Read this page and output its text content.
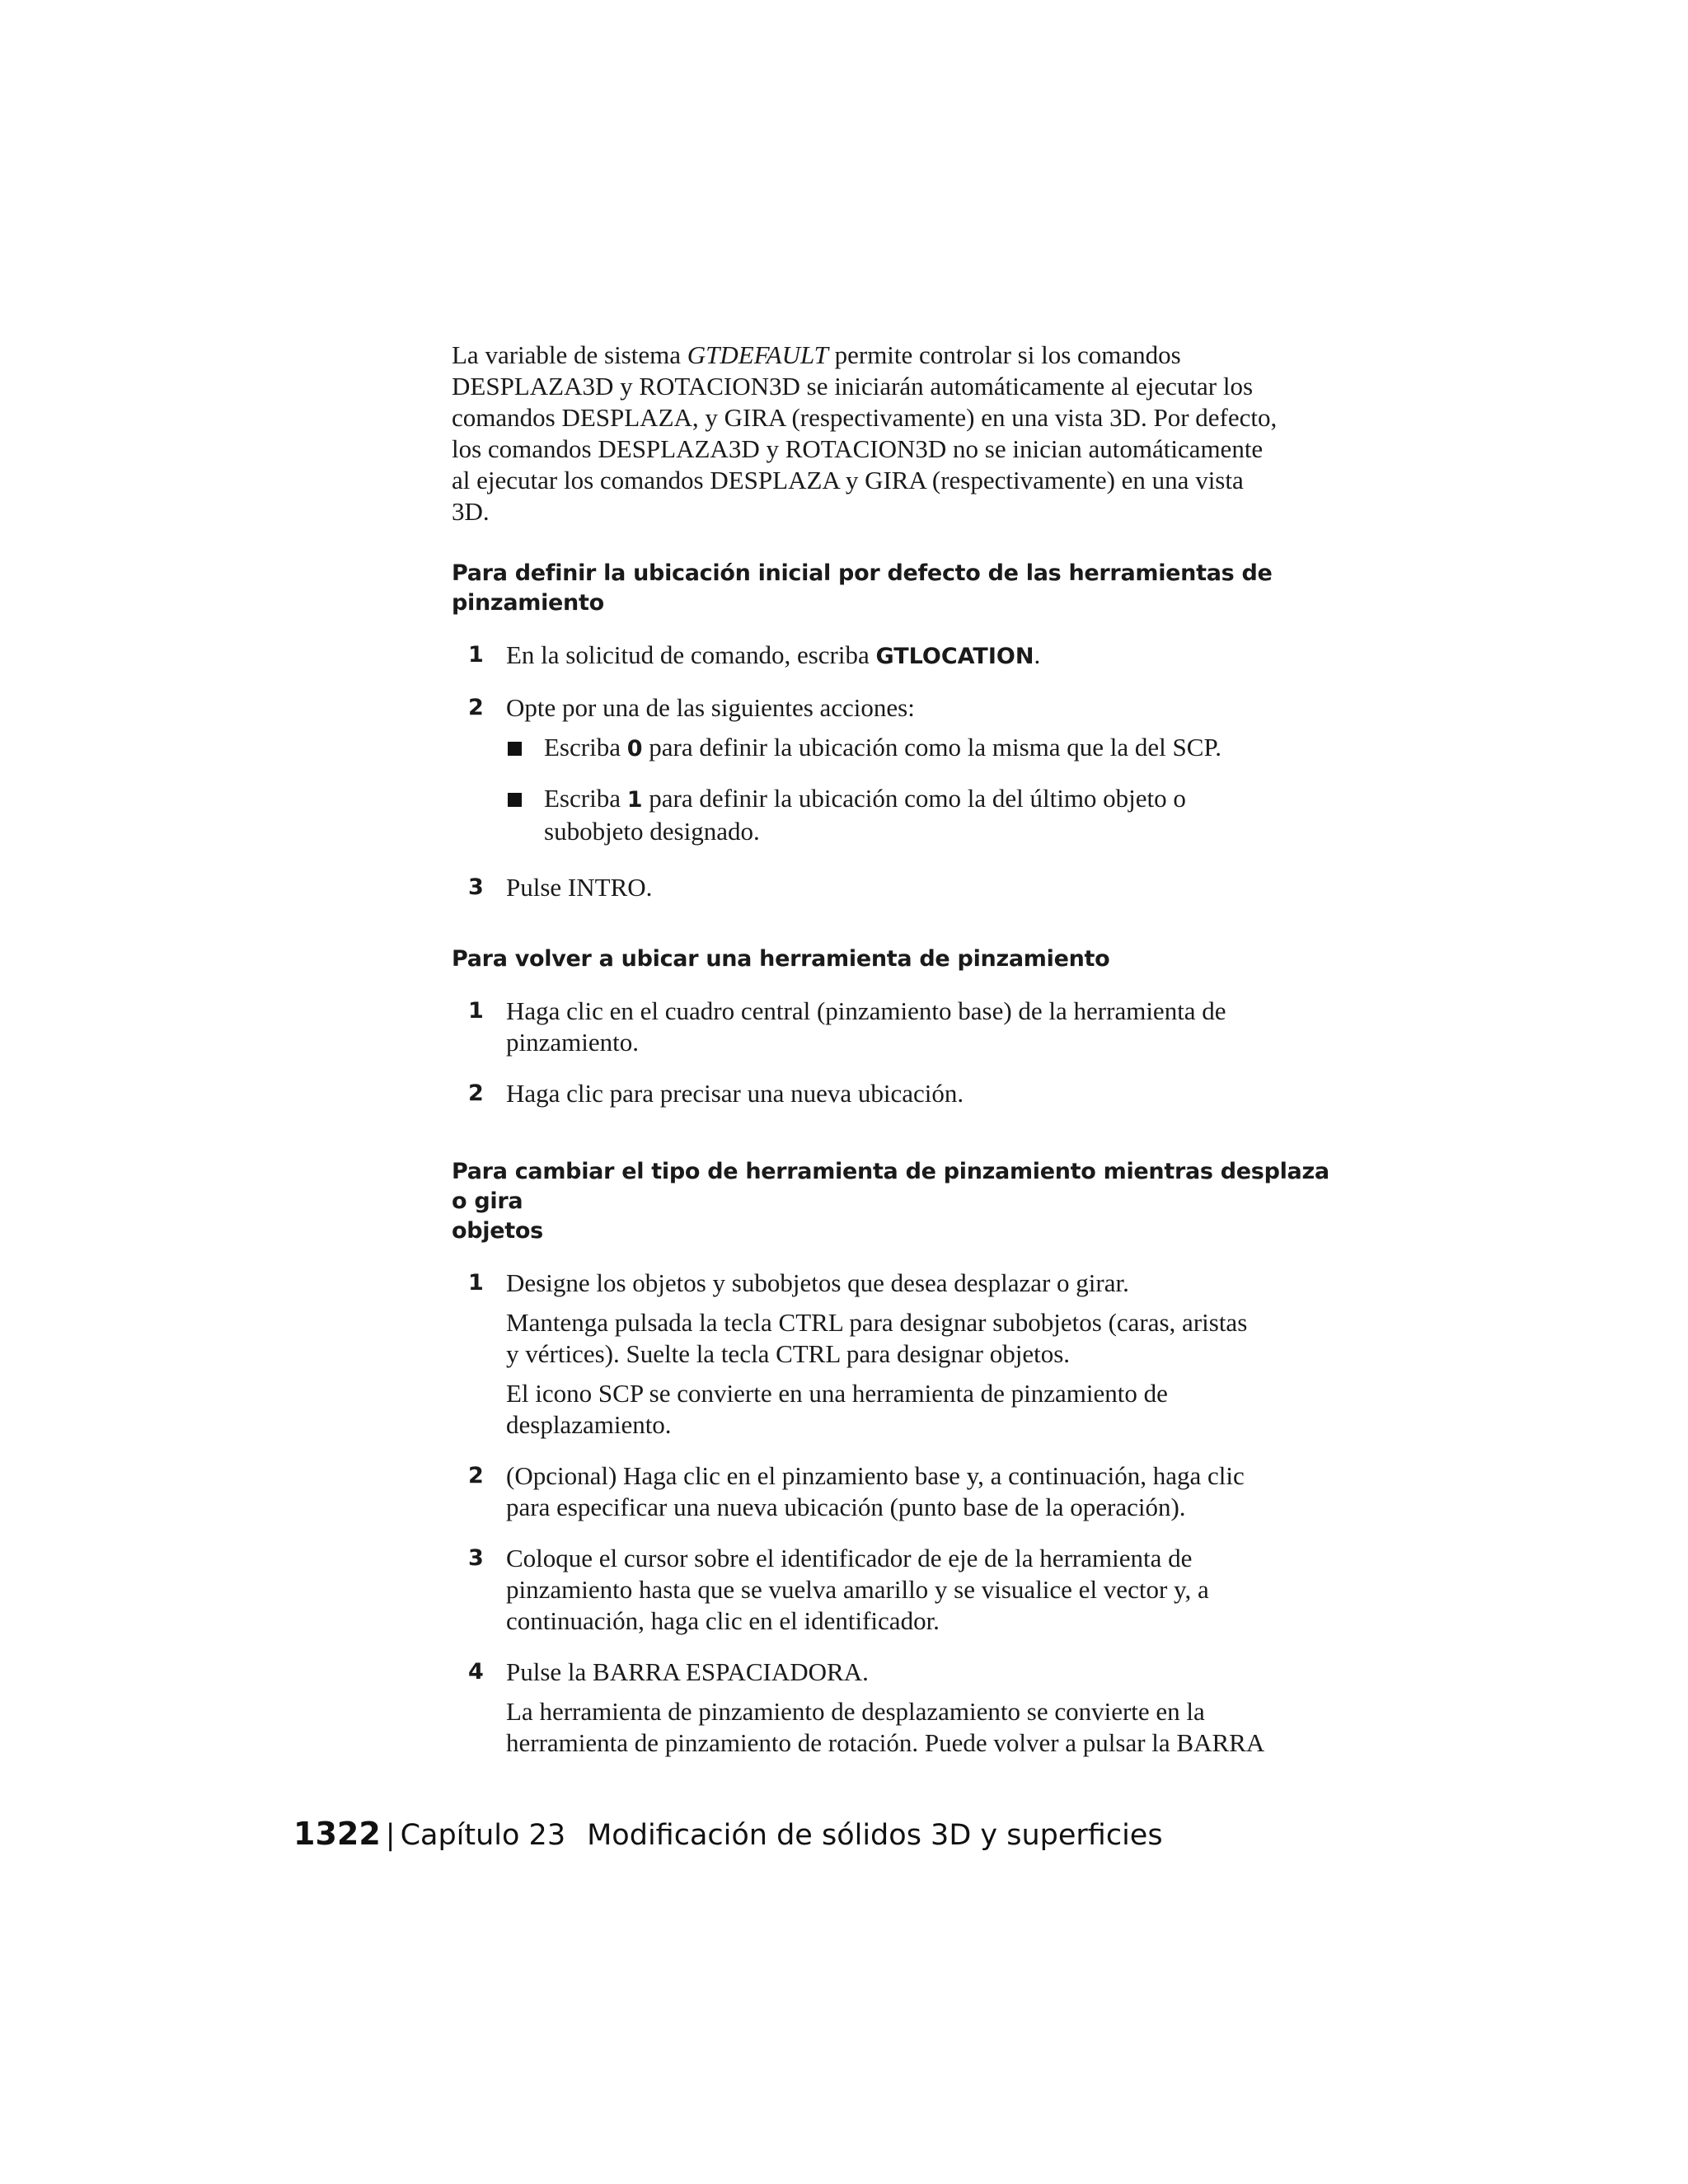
La variable de sistema GTDEFAULT permite controlar si los comandos
DESPLAZA3D y ROTACION3D se iniciarán automáticamente al ejecutar los
comandos DESPLAZA, y GIRA (respectivamente) en una vista 3D. Por defecto,
los comandos DESPLAZA3D y ROTACION3D no se inician automáticamente
al ejecutar los comandos DESPLAZA y GIRA (respectivamente) en una vista
3D.

Para definir la ubicación inicial por defecto de las herramientas de pinzamiento
1 En la solicitud de comando, escriba GTLOCATION.
2 Opte por una de las siguientes acciones:
Escriba 0 para definir la ubicación como la misma que la del SCP.
Escriba 1 para definir la ubicación como la del último objeto o
subobjeto designado.
3 Pulse INTRO.
Para volver a ubicar una herramienta de pinzamiento
1 Haga clic en el cuadro central (pinzamiento base) de la herramienta de
pinzamiento.
2 Haga clic para precisar una nueva ubicación.
Para cambiar el tipo de herramienta de pinzamiento mientras desplaza o gira
objetos
1 Designe los objetos y subobjetos que desea desplazar o girar.

Mantenga pulsada la tecla CTRL para designar subobjetos (caras, aristas
y vértices). Suelte la tecla CTRL para designar objetos.

El icono SCP se convierte en una herramienta de pinzamiento de
desplazamiento.

2 (Opcional) Haga clic en el pinzamiento base y, a continuación, haga clic
para especificar una nueva ubicación (punto base de la operación).
3 Coloque el cursor sobre el identificador de eje de la herramienta de
pinzamiento hasta que se vuelva amarillo y se visualice el vector y, a
continuación, haga clic en el identificador.
4 Pulse la BARRA ESPACIADORA.

La herramienta de pinzamiento de desplazamiento se convierte en la
herramienta de pinzamiento de rotación. Puede volver a pulsar la BARRA

1322 | Capítulo 23 Modificación de sólidos 3D y superficies
